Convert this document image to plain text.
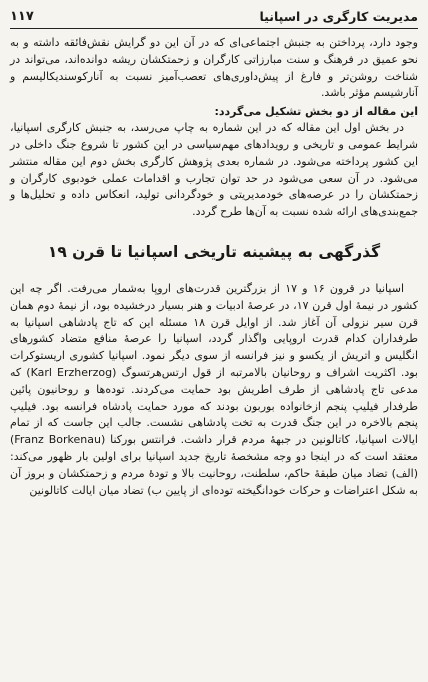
مدیریت کارگری در اسپانیا
۱۱۷

وجود دارد، پرداختن به جنبش اجتماعی‌ای که در آن این دو گرایش نقش‌فائقه داشته و به نحو عمیق در فرهنگ و سنت مبارزاتی کارگران و زحمتکشان ریشه دوانده‌اند، می‌تواند در شناخت روشن‌تر و فارغ از پیش‌داوری‌های تعصب‌آمیز نسبت به آنارکوسندیکالیسم و آنارشیسم مؤثر باشد.

این مقاله از دو بخش تشکیل می‌گردد:

در بخش اول این مقاله که در این شماره به چاپ می‌رسد، به جنبش کارگری اسپانیا، شرایط عمومی و تاریخی و رویدادهای مهم‌سیاسی در این کشور تا شروع جنگ داخلی در این کشور پرداخته می‌شود. در شماره بعدی پژوهش کارگری بخش دوم این مقاله منتشر می‌شود. در آن سعی می‌شود در حد توان تجارب و اقدامات عملی خودبوی کارگران و زحمتکشان را در عرصه‌های خودمدیریتی و خودگردانی تولید، انعکاس داده و تحلیل‌ها و جمع‌بندی‌های ارائه شده نسبت به آن‌ها طرح گردد.

گذرگهی به پیشینه تاریخی اسپانیا تا قرن ۱۹

اسپانیا در قرون ۱۶ و ۱۷ از بزرگترین قدرت‌های اروپا به‌شمار می‌رفت. اگر چه این کشور در نیمهٔ اول قرن ۱۷، در عرصهٔ ادبیات و هنر بسیار درخشیده بود، از نیمهٔ دوم همان قرن سیر نزولی آن آغاز شد. از اوایل قرن ۱۸ مسئله این که تاج پادشاهی اسپانیا به طرفداران کدام قدرت اروپایی واگذار گردد، اسپانیا را عرصهٔ منافع متضاد کشورهای انگلیس و اتریش از یکسو و نیز فرانسه از سوی دیگر نمود. اسپانیا کشوری اریستوکرات بود. اکثریت اشراف و روحانیان بالامرتبه از قول ارتس‌هرتسوگ (Karl Erzherzog) که مدعی تاج پادشاهی از طرف اطریش بود حمایت می‌کردند. توده‌ها و روحانیون پائین طرفدار فیلیپ پنجم ازخانواده بوربون بودند که مورد حمایت پادشاه فرانسه بود. فیلیپ پنجم بالاخره در این جنگ قدرت به تخت پادشاهی نشست. جالب این جاست که از تمام ایالات اسپانیا، کاتالونین در جبههٔ مردم قرار داشت. فرانتس بورکنا (Franz Borkenau) معتقد است که در اینجا دو وجه مشخصهٔ تاریخ جدید اسپانیا برای اولین بار ظهور می‌کند: (الف) تضاد میان طبقهٔ حاکم، سلطنت، روحانیت بالا و تودهٔ مردم و زحمتکشان و بروز آن به شکل اعتراضات و حرکات خودانگیخته توده‌ای از پایین ب) تضاد میان ایالت کاتالونین
